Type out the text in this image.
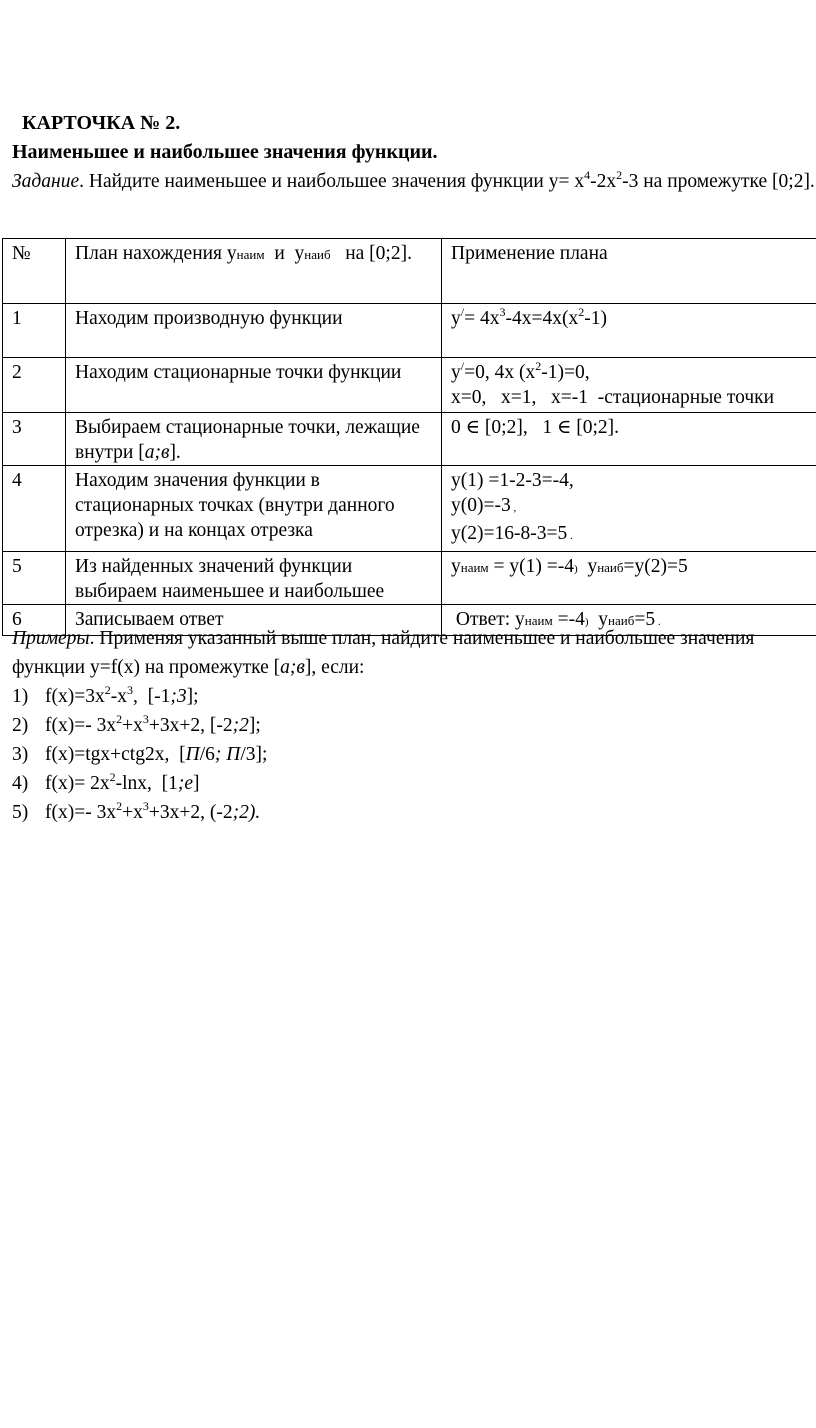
КАРТОЧКА № 2.
Наименьшее и наибольшее значения функции.
Задание. Найдите наименьшее и наибольшее значения функции $y= x^4-2x^2-3$ на промежутке [0;2].
№	План нахождения yнаим  и  yнаиб   на [0;2].	Применение плана
1	Находим производную функции	$y^/= 4x^3-4x=4x(x^2-1)$
2	Находим стационарные точки функции	y/=0, 4x $(x^2-1)=0$,
x=0,   x=1,   x=-1  -стационарные точки

3	Выбираем стационарные точки, лежащие внутри [а;в].	0 ∈ [0;2],   1 ∈ [0;2].
4	Находим значения функции в стационарных точках (внутри данного отрезка) и на концах отрезка	y(1) =1-2-3=-4,
y(0)=-3 ,
y(2)=16-8-3=5 .

5	Из найденных значений функции выбираем наименьшее и наибольшее	yнаим = y(1) =-4)  yнаиб=y(2)=5
6	Записываем ответ	Ответ: yнаим =-4)  yнаиб=5 .
Примеры. Применяя указанный выше план, найдите наименьшее и наибольшее значения функции y=f(x) на промежутке [а;в], если:
1) $f(x)=3x^2-x^3$,  [-1;3];
2) f(x)=- $3x^2+x^3+3x+2$, [-2;2];
3) f(x)=tgx+ctg2x,  [П/6; П/3];
4) $f(x)= 2x^2$-lnx,  [1;е]
5) f(x)=- $3x^2+x^3+3x+2$, (-2;2).
